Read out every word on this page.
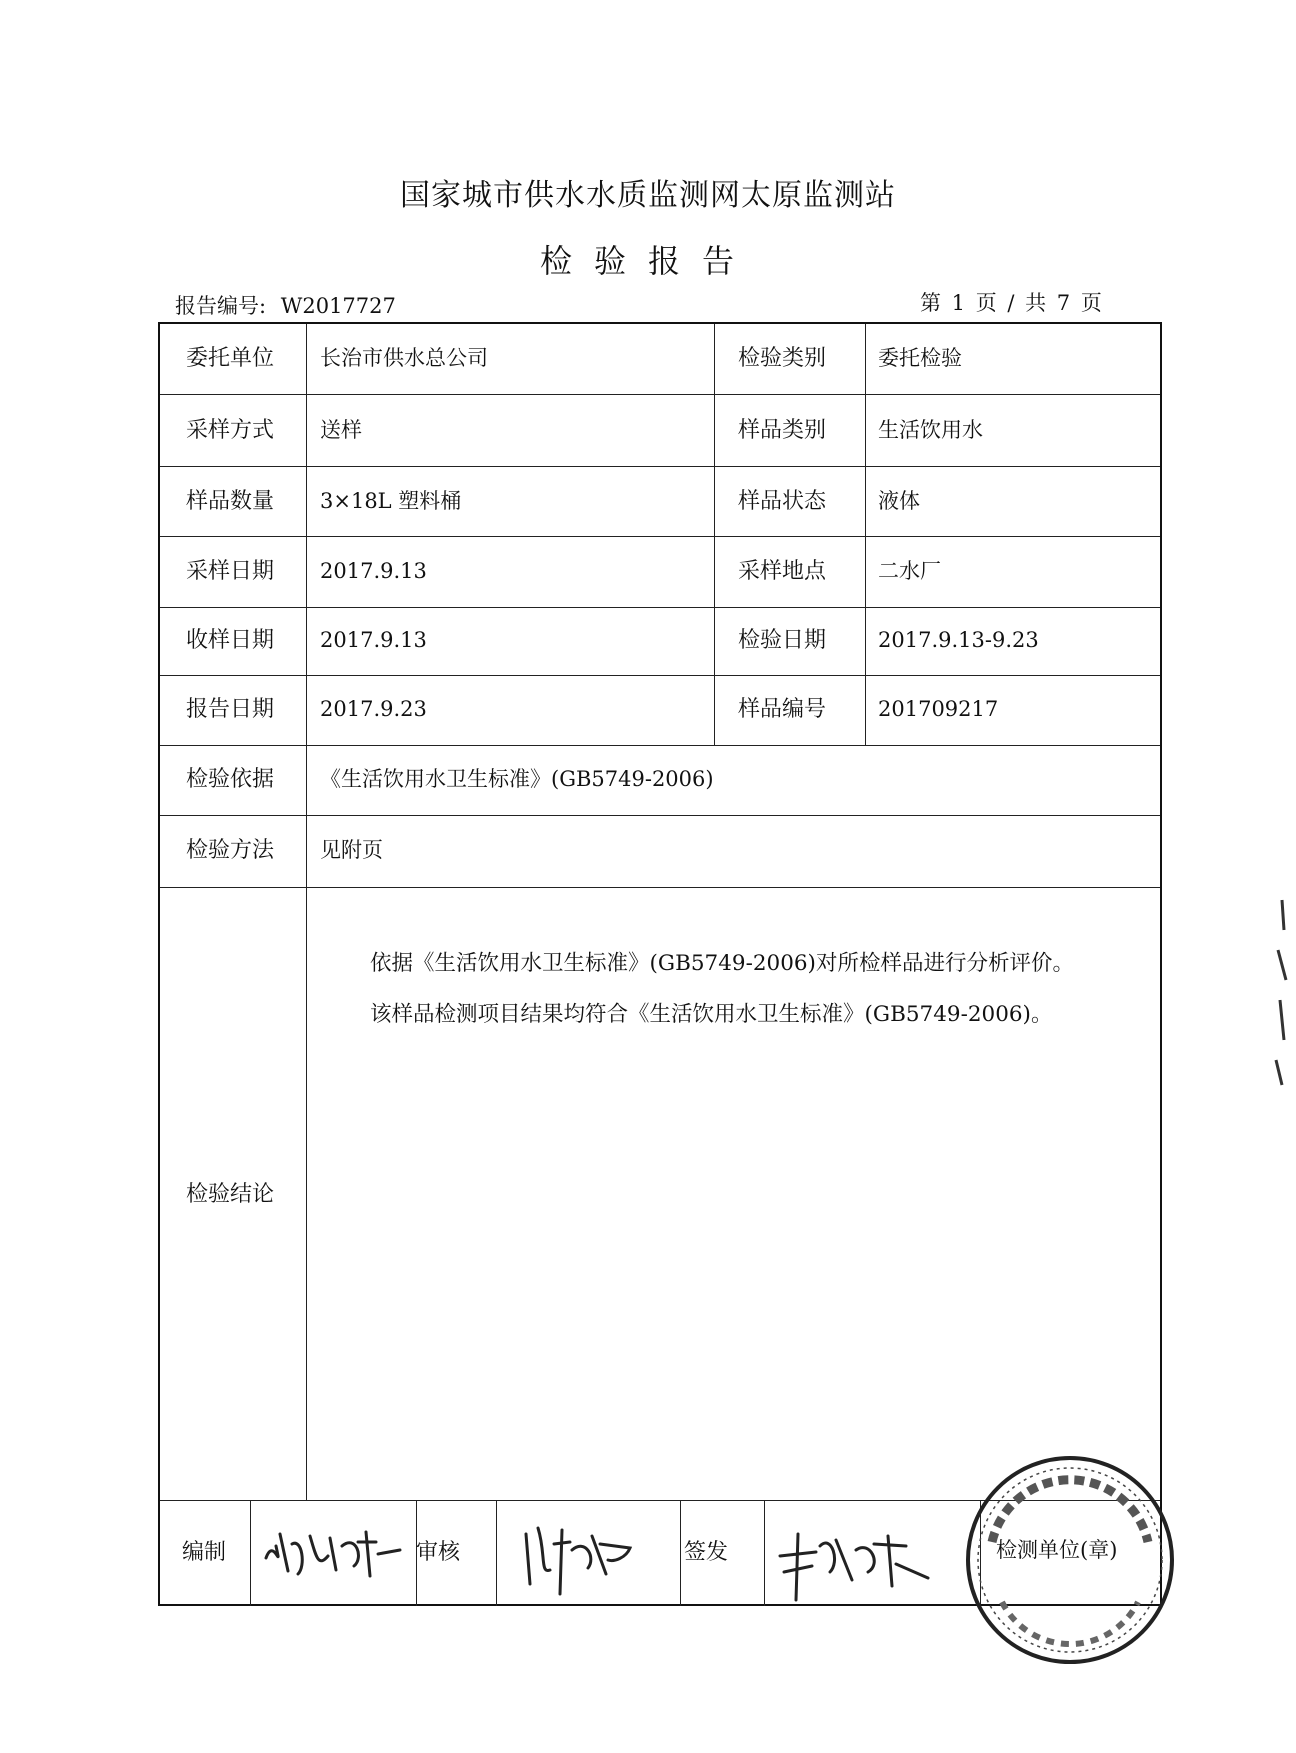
国家城市供水水质监测网太原监测站
检验报告
报告编号: W2017727	第 1 页 / 共 7 页
委托单位 长治市供水总公司	检验类别 委托检验
采样方式 送样	样品类别 生活饮用水
样品数量 3×18L 塑料桶	样品状态 液体
采样日期 2017.9.13	采样地点 二水厂
收样日期 2017.9.13	检验日期 2017.9.13-9.23
报告日期 2017.9.23	样品编号 201709217
检验依据 《生活饮用水卫生标准》(GB5749-2006)
检验方法 见附页
检验结论
依据《生活饮用水卫生标准》(GB5749-2006)对所检样品进行分析评价。
该样品检测项目结果均符合《生活饮用水卫生标准》(GB5749-2006)。
编制	审核	签发	检测单位(章)
